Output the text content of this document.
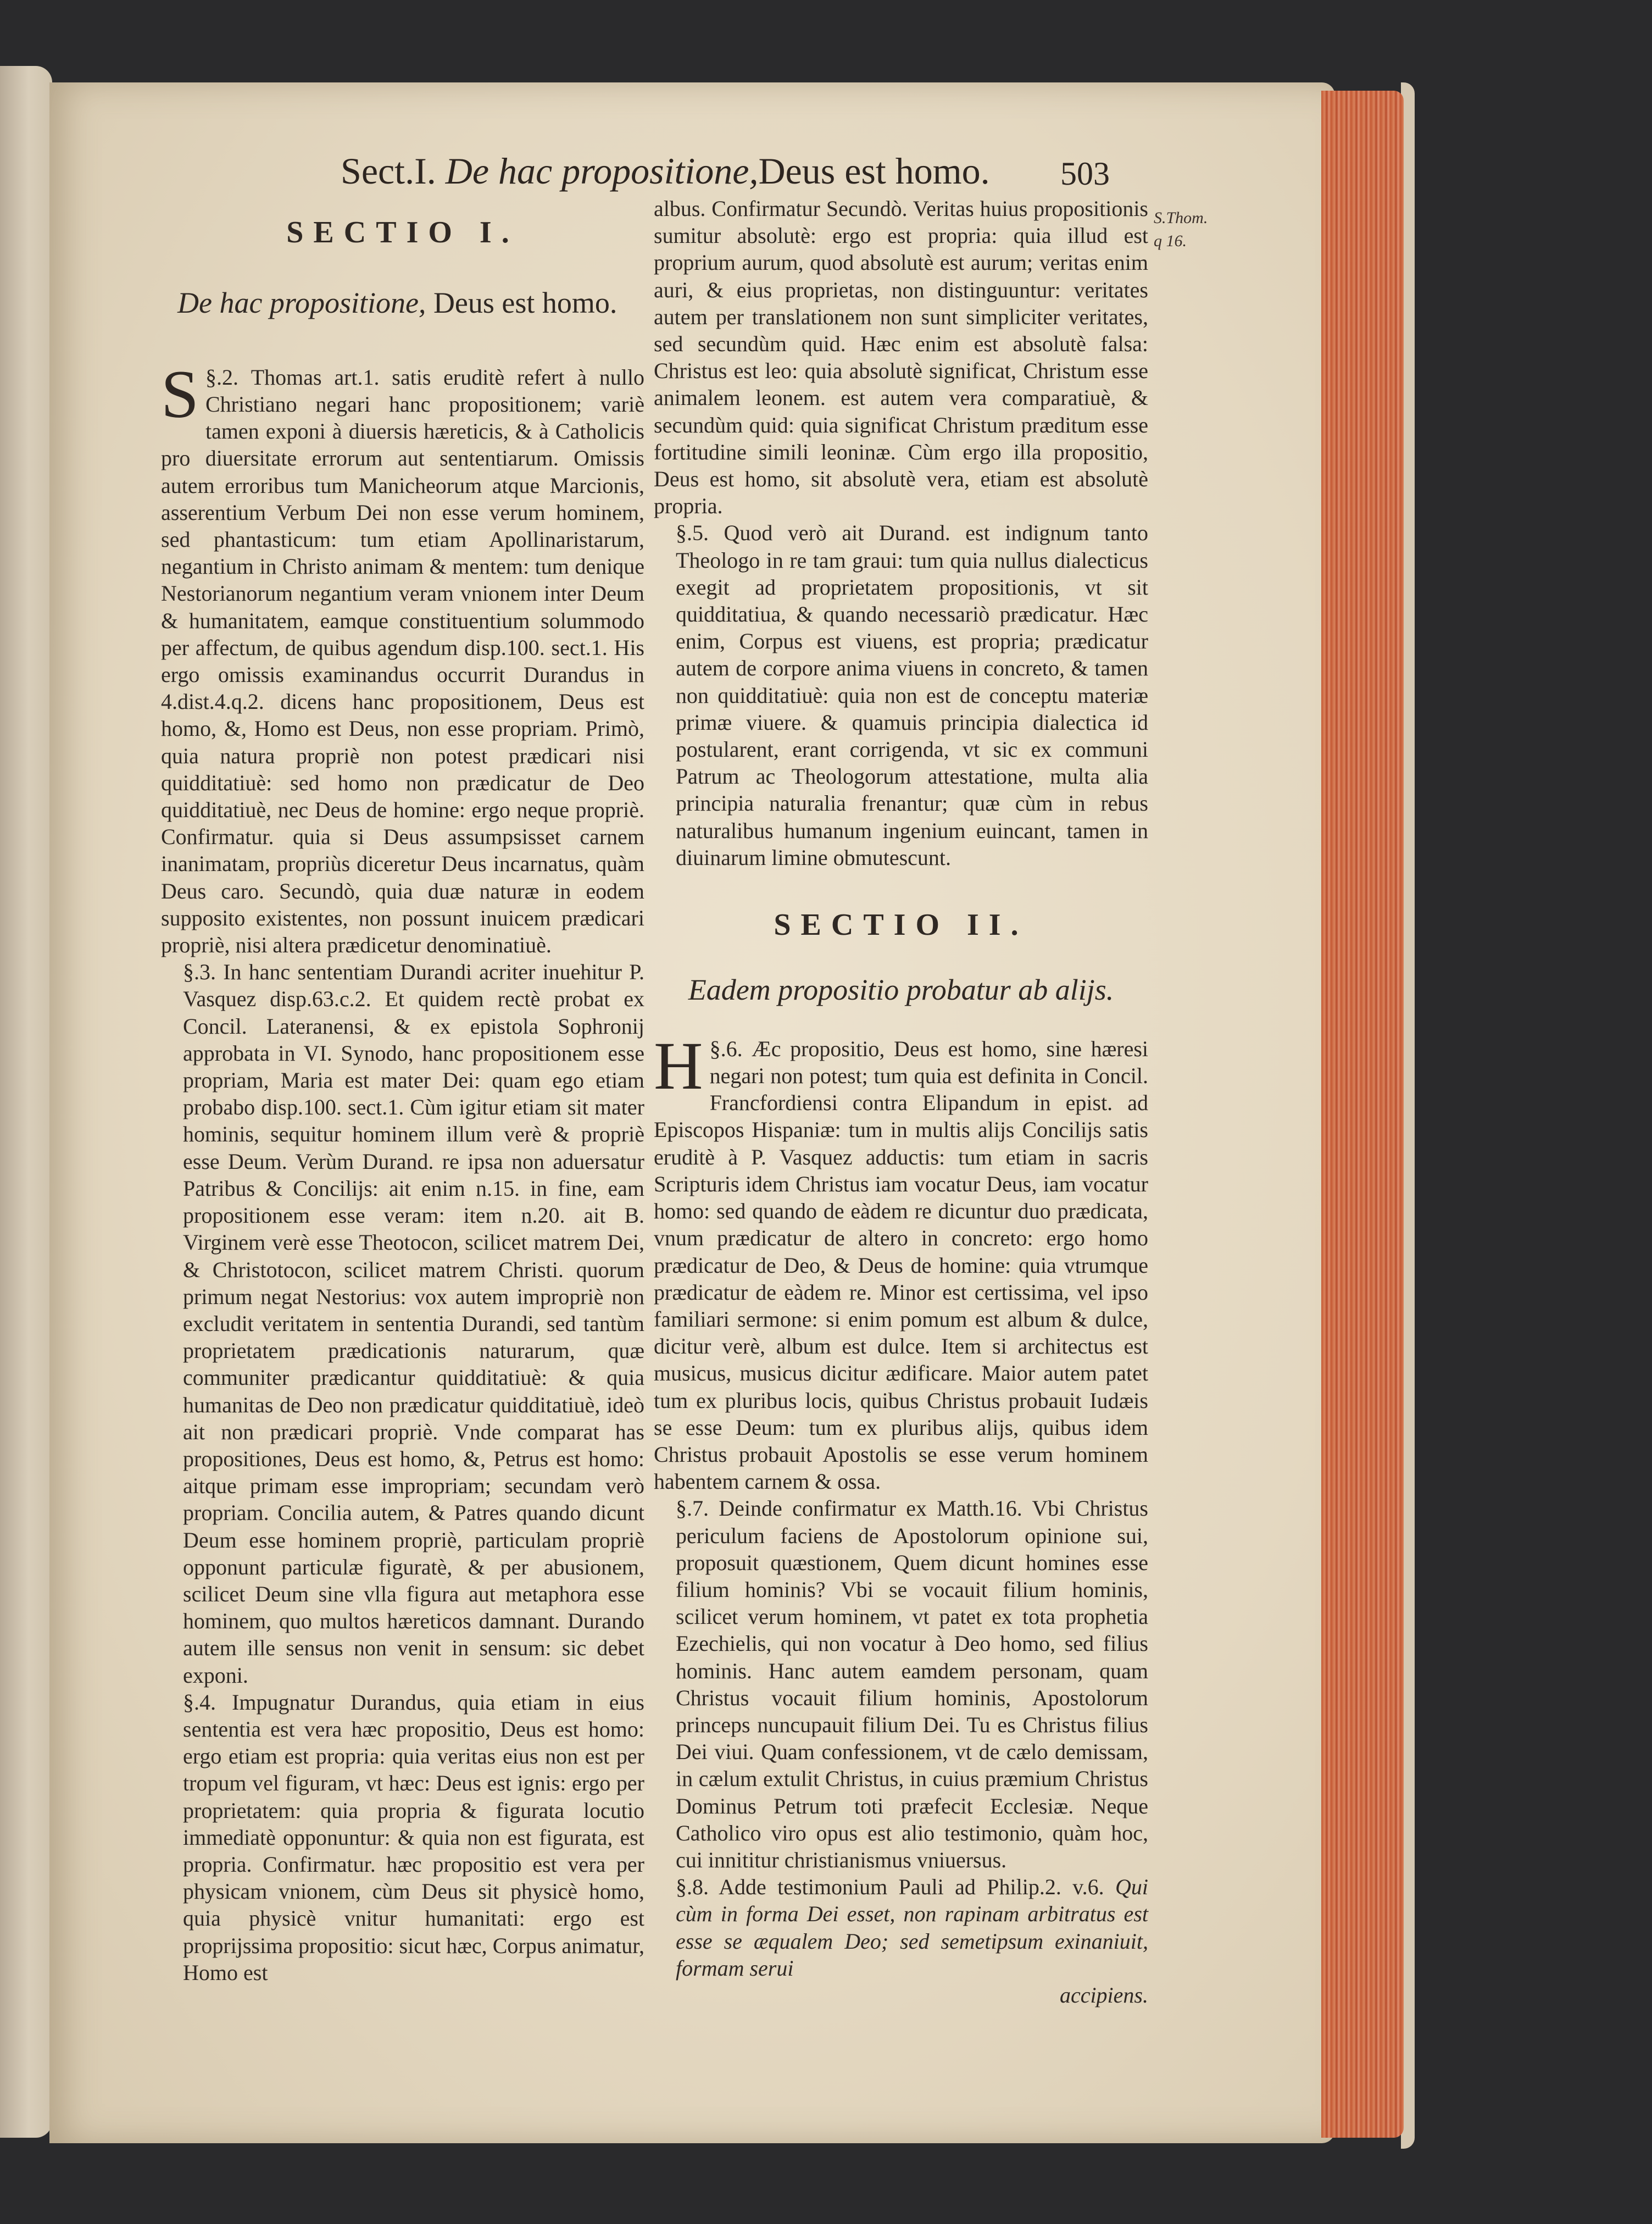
Sect.I. De hac propositione,Deus est homo. 503
S.Thom.
q 16.
SECTIO I.
De hac propositione, Deus est homo.

§.2.
S Thomas art.1. satis eruditè refert à nullo Christiano negari hanc propositionem; variè tamen exponi à diuersis hæreticis, & à Catholicis pro diuersitate errorum aut sententiarum. Omissis autem erroribus tum Manicheorum atque Marcionis, asserentium Verbum Dei non esse verum hominem, sed phantasticum: tum etiam Apollinaristarum, negantium in Christo animam & mentem: tum denique Nestorianorum negantium veram vnionem inter Deum & humanitatem, eamque constituentium solummodo per affectum, de quibus agendum disp.100. sect.1. His ergo omissis examinandus occurrit Durandus in 4.dist.4.q.2. dicens hanc propositionem, Deus est homo, &, Homo est Deus, non esse propriam. Primò, quia natura propriè non potest prædicari nisi quidditatiuè: sed homo non prædicatur de Deo quidditatiuè, nec Deus de homine: ergo neque propriè. Confirmatur. quia si Deus assumpsisset carnem inanimatam, propriùs diceretur Deus incarnatus, quàm Deus caro. Secundò, quia duæ naturæ in eodem supposito existentes, non possunt inuicem prædicari propriè, nisi altera prædicetur denominatiuè.

§.3. In hanc sententiam Durandi acriter inuehitur P. Vasquez disp.63.c.2. Et quidem rectè probat ex Concil. Lateranensi, & ex epistola Sophronij approbata in VI. Synodo, hanc propositionem esse propriam, Maria est mater Dei: quam ego etiam probabo disp.100. sect.1. Cùm igitur etiam sit mater hominis, sequitur hominem illum verè & propriè esse Deum. Verùm Durand. re ipsa non aduersatur Patribus & Concilijs: ait enim n.15. in fine, eam propositionem esse veram: item n.20. ait B. Virginem verè esse Theotocon, scilicet matrem Dei, & Christotocon, scilicet matrem Christi. quorum primum negat Nestorius: vox autem impropriè non excludit veritatem in sententia Durandi, sed tantùm proprietatem prædicationis naturarum, quæ communiter prædicantur quidditatiuè: & quia humanitas de Deo non prædicatur quidditatiuè, ideò ait non prædicari propriè. Vnde comparat has propositiones, Deus est homo, &, Petrus est homo: aitque primam esse impropriam; secundam verò propriam. Concilia autem, & Patres quando dicunt Deum esse hominem propriè, particulam propriè opponunt particulæ figuratè, & per abusionem, scilicet Deum sine vlla figura aut metaphora esse hominem, quo multos hæreticos damnant. Durando autem ille sensus non venit in sensum: sic debet exponi.

§.4. Impugnatur Durandus, quia etiam in eius sententia est vera hæc propositio, Deus est homo: ergo etiam est propria: quia veritas eius non est per tropum vel figuram, vt hæc: Deus est ignis: ergo per proprietatem: quia propria & figurata locutio immediatè opponuntur: & quia non est figurata, est propria. Confirmatur. hæc propositio est vera per physicam vnionem, cùm Deus sit physicè homo, quia physicè vnitur humanitati: ergo est proprijssima propositio: sicut hæc, Corpus animatur, Homo est

albus. Confirmatur Secundò. Veritas huius propositionis sumitur absolutè: ergo est propria: quia illud est proprium aurum, quod absolutè est aurum; veritas enim auri, & eius proprietas, non distinguuntur: veritates autem per translationem non sunt simpliciter veritates, sed secundùm quid. Hæc enim est absolutè falsa: Christus est leo: quia absolutè significat, Christum esse animalem leonem. est autem vera comparatiuè, & secundùm quid: quia significat Christum præditum esse fortitudine simili leoninæ. Cùm ergo illa propositio, Deus est homo, sit absolutè vera, etiam est absolutè propria.

§.5. Quod verò ait Durand. est indignum tanto Theologo in re tam graui: tum quia nullus dialecticus exegit ad proprietatem propositionis, vt sit quidditatiua, & quando necessariò prædicatur. Hæc enim, Corpus est viuens, est propria; prædicatur autem de corpore anima viuens in concreto, & tamen non quidditatiuè: quia non est de conceptu materiæ primæ viuere. & quamuis principia dialectica id postularent, erant corrigenda, vt sic ex communi Patrum ac Theologorum attestatione, multa alia principia naturalia frenantur; quæ cùm in rebus naturalibus humanum ingenium euincant, tamen in diuinarum limine obmutescunt.

SECTIO II.
Eadem propositio probatur ab alijs.

§.6.
H Æc propositio, Deus est homo, sine hæresi negari non potest; tum quia est definita in Concil. Francfordiensi contra Elipandum in epist. ad Episcopos Hispaniæ: tum in multis alijs Concilijs satis eruditè à P. Vasquez adductis: tum etiam in sacris Scripturis idem Christus iam vocatur Deus, iam vocatur homo: sed quando de eàdem re dicuntur duo prædicata, vnum prædicatur de altero in concreto: ergo homo prædicatur de Deo, & Deus de homine: quia vtrumque prædicatur de eàdem re. Minor est certissima, vel ipso familiari sermone: si enim pomum est album & dulce, dicitur verè, album est dulce. Item si architectus est musicus, musicus dicitur ædificare. Maior autem patet tum ex pluribus locis, quibus Christus probauit Iudæis se esse Deum: tum ex pluribus alijs, quibus idem Christus probauit Apostolis se esse verum hominem habentem carnem & ossa.

§.7. Deinde confirmatur ex Matth.16. Vbi Christus periculum faciens de Apostolorum opinione sui, proposuit quæstionem, Quem dicunt homines esse filium hominis? Vbi se vocauit filium hominis, scilicet verum hominem, vt patet ex tota prophetia Ezechielis, qui non vocatur à Deo homo, sed filius hominis. Hanc autem eamdem personam, quam Christus vocauit filium hominis, Apostolorum princeps nuncupauit filium Dei. Tu es Christus filius Dei viui. Quam confessionem, vt de cælo demissam, in cælum extulit Christus, in cuius præmium Christus Dominus Petrum toti præfecit Ecclesiæ. Neque Catholico viro opus est alio testimonio, quàm hoc, cui innititur christianismus vniuersus.

§.8. Adde testimonium Pauli ad Philip.2. v.6. Qui cùm in forma Dei esset, non rapinam arbitratus est esse se æqualem Deo; sed semetipsum exinaniuit, formam serui

accipiens.
